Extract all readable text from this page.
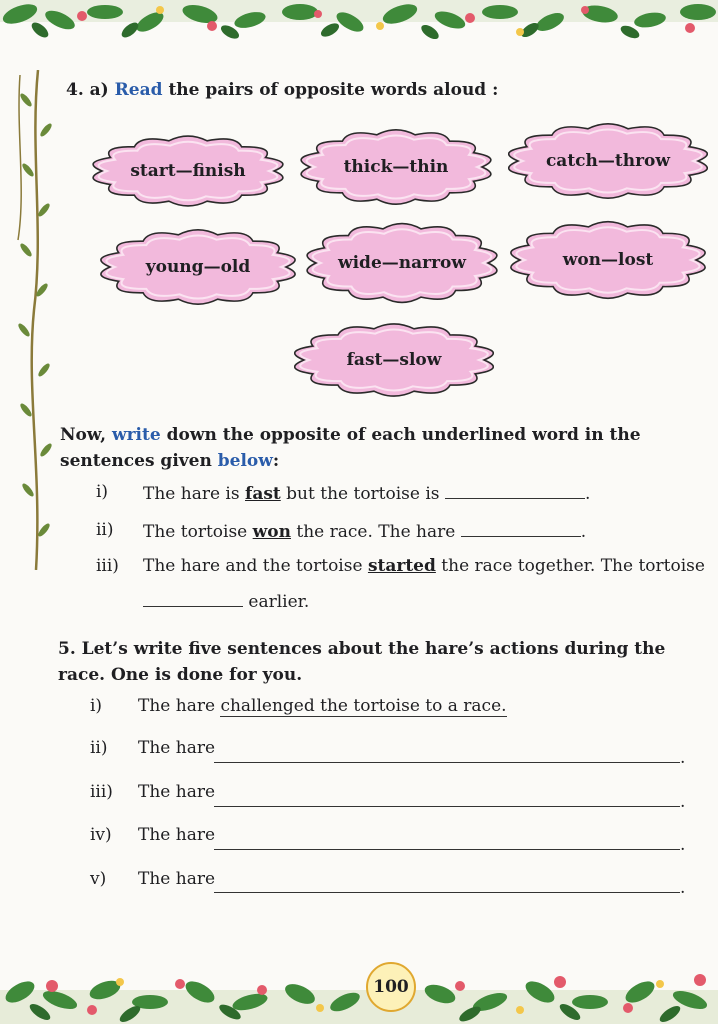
4. a) Read the pairs of opposite words aloud :
start — finish	thick — thin	catch — throw
young — old	wide — narrow	won — lost
fast — slow
Now, write down the opposite of each underlined word in the sentences given below:
i) The hare is fast but the tortoise is	.
ii) The tortoise won the race. The hare	.
iii) The hare and the tortoise started the race together. The tortoise
earlier.
5. Let’s write five sentences about the hare’s actions during the race. One is done for you.
i) The hare challenged the tortoise to a race.
ii) The hare	.
iii) The hare	.
iv) The hare	.
v) The hare	.
100
